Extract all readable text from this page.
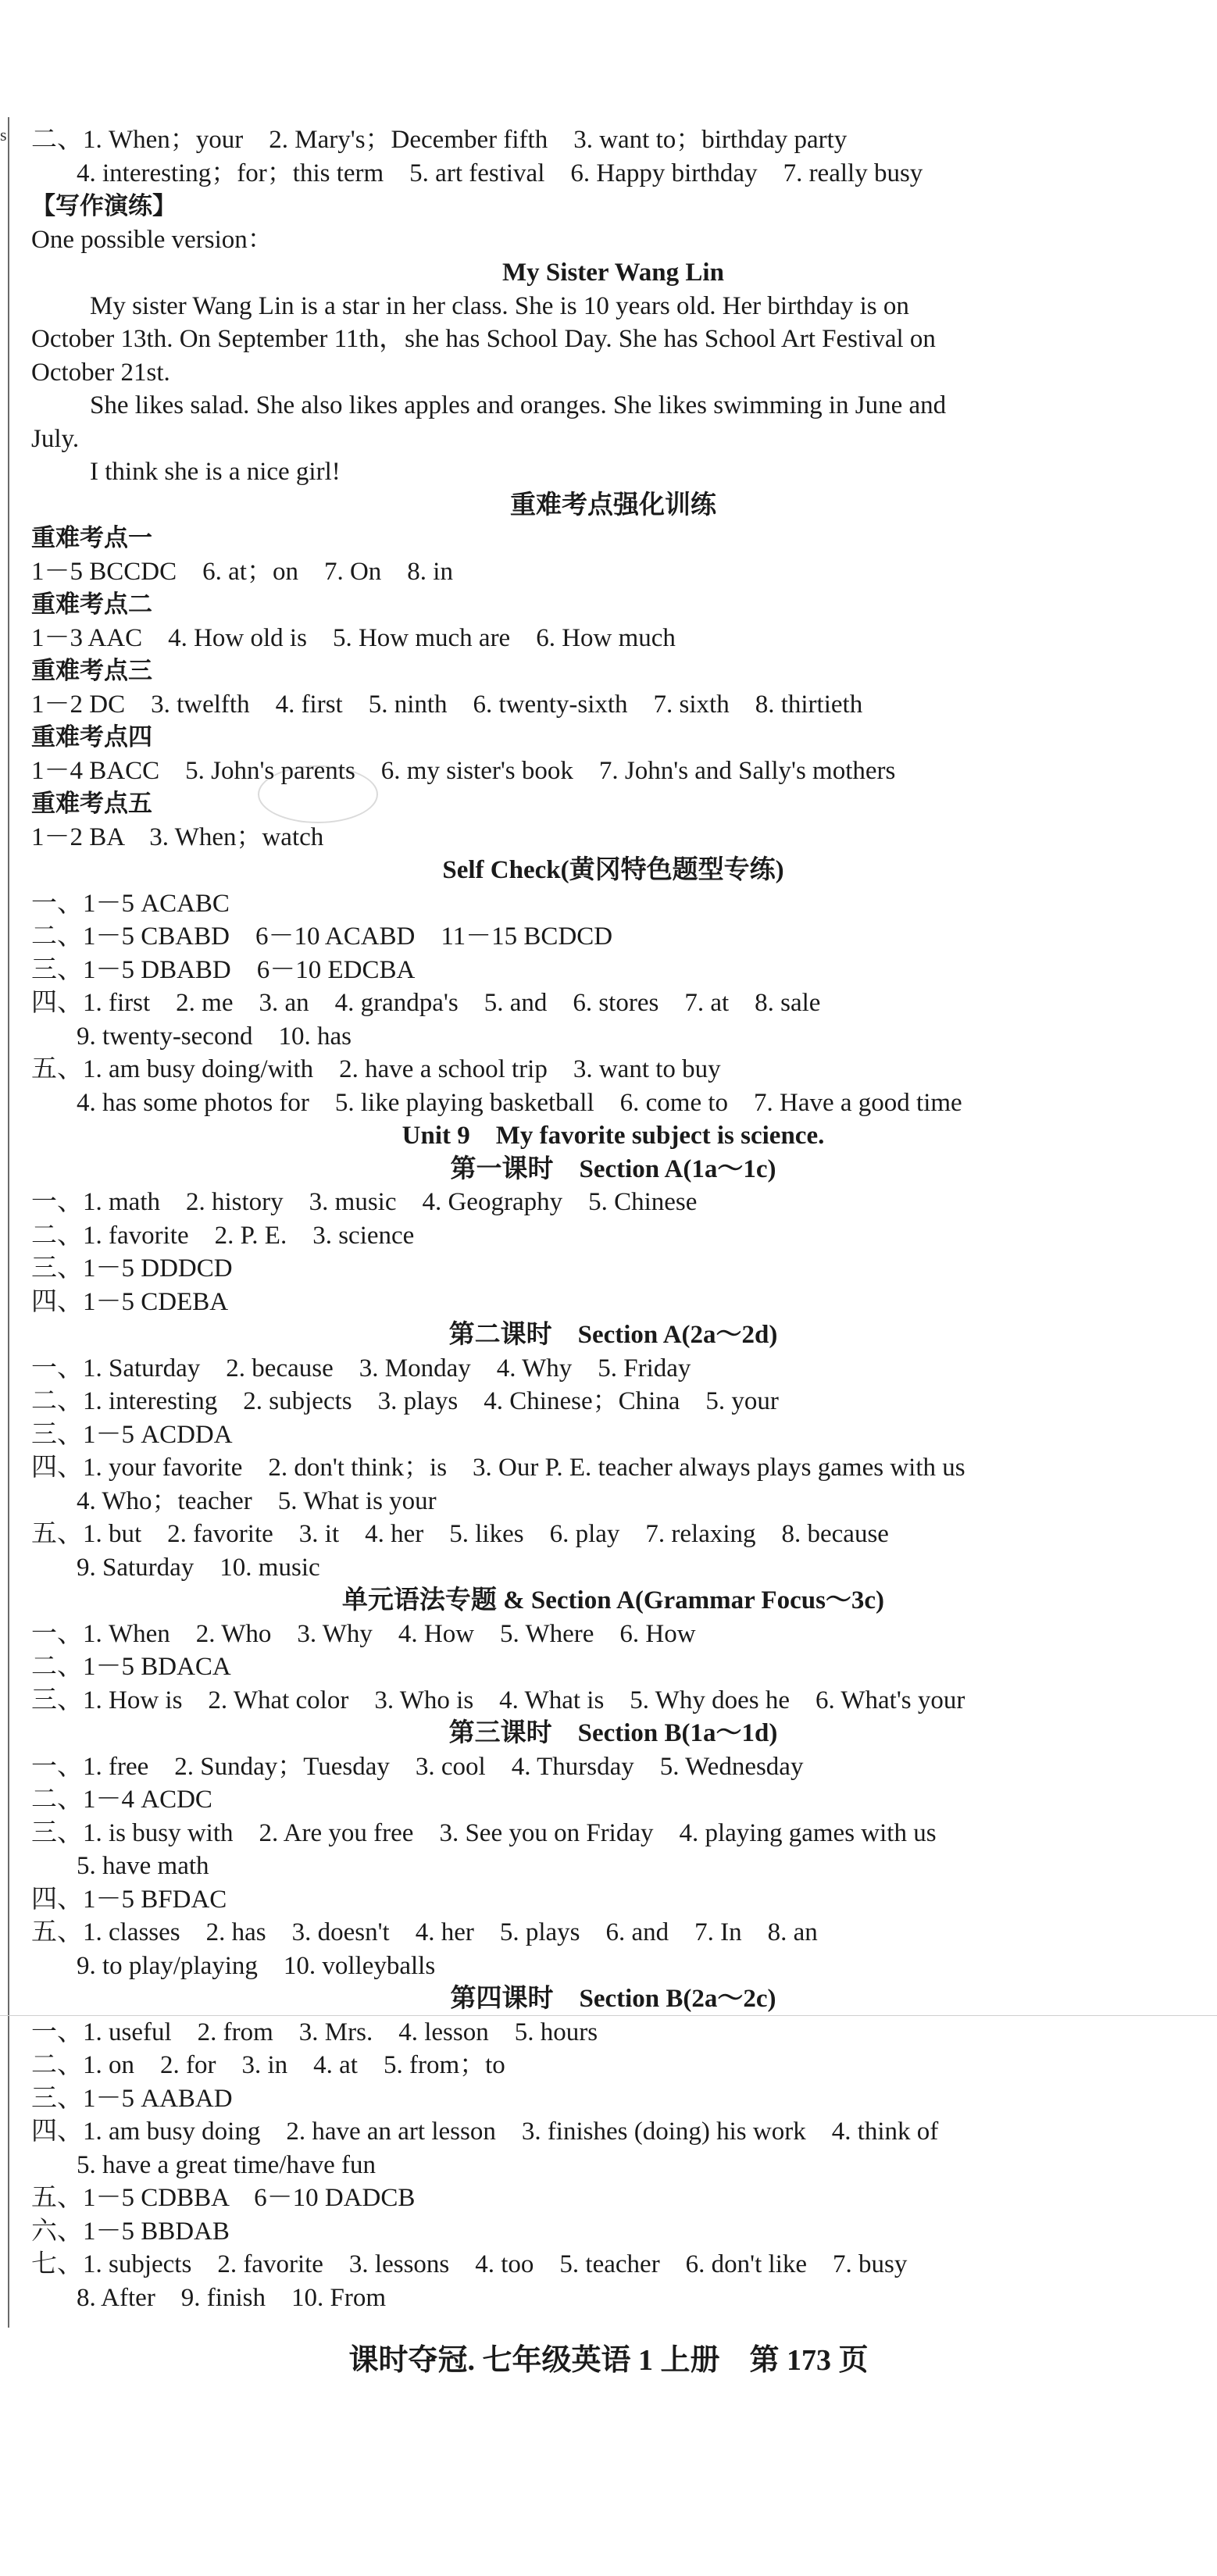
s 二、1. When；your　2. Mary's；December fifth　3. want to；birthday party
4. interesting；for；this term　5. art festival　6. Happy birthday　7. really busy
【写作演练】
One possible version：
My Sister Wang Lin
My sister Wang Lin is a star in her class. She is 10 years old. Her birthday is on
October 13th. On September 11th，she has School Day. She has School Art Festival on
October 21st.
She likes salad. She also likes apples and oranges. She likes swimming in June and
July.
I think she is a nice girl!
重难考点强化训练
重难考点一
1－5 BCCDC　6. at；on　7. On　8. in
重难考点二
1－3 AAC　4. How old is　5. How much are　6. How much
重难考点三
1－2 DC　3. twelfth　4. first　5. ninth　6. twenty-sixth　7. sixth　8. thirtieth
重难考点四
1－4 BACC　5. John's parents　6. my sister's book　7. John's and Sally's mothers
重难考点五
1－2 BA　3. When；watch
Self Check(黄冈特色题型专练)
一、1－5 ACABC
二、1－5 CBABD　6－10 ACABD　11－15 BCDCD
三、1－5 DBABD　6－10 EDCBA
四、1. first　2. me　3. an　4. grandpa's　5. and　6. stores　7. at　8. sale
9. twenty-second　10. has
五、1. am busy doing/with　2. have a school trip　3. want to buy
4. has some photos for　5. like playing basketball　6. come to　7. Have a good time
Unit 9　My favorite subject is science.
第一课时　Section A(1a～1c)
一、1. math　2. history　3. music　4. Geography　5. Chinese
二、1. favorite　2. P. E.　3. science
三、1－5 DDDCD
四、1－5 CDEBA
第二课时　Section A(2a～2d)
一、1. Saturday　2. because　3. Monday　4. Why　5. Friday
二、1. interesting　2. subjects　3. plays　4. Chinese；China　5. your
三、1－5 ACDDA
四、1. your favorite　2. don't think；is　3. Our P. E. teacher always plays games with us
4. Who；teacher　5. What is your
五、1. but　2. favorite　3. it　4. her　5. likes　6. play　7. relaxing　8. because
9. Saturday　10. music
单元语法专题 & Section A(Grammar Focus～3c)
一、1. When　2. Who　3. Why　4. How　5. Where　6. How
二、1－5 BDACA
三、1. How is　2. What color　3. Who is　4. What is　5. Why does he　6. What's your
第三课时　Section B(1a～1d)
一、1. free　2. Sunday；Tuesday　3. cool　4. Thursday　5. Wednesday
二、1－4 ACDC
三、1. is busy with　2. Are you free　3. See you on Friday　4. playing games with us
5. have math
四、1－5 BFDAC
五、1. classes　2. has　3. doesn't　4. her　5. plays　6. and　7. In　8. an
9. to play/playing　10. volleyballs
第四课时　Section B(2a～2c)
一、1. useful　2. from　3. Mrs.　4. lesson　5. hours
二、1. on　2. for　3. in　4. at　5. from；to
三、1－5 AABAD
四、1. am busy doing　2. have an art lesson　3. finishes (doing) his work　4. think of
5. have a great time/have fun
五、1－5 CDBBA　6－10 DADCB
六、1－5 BBDAB
七、1. subjects　2. favorite　3. lessons　4. too　5. teacher　6. don't like　7. busy
8. After　9. finish　10. From
课时夺冠. 七年级英语 1 上册　第 173 页
